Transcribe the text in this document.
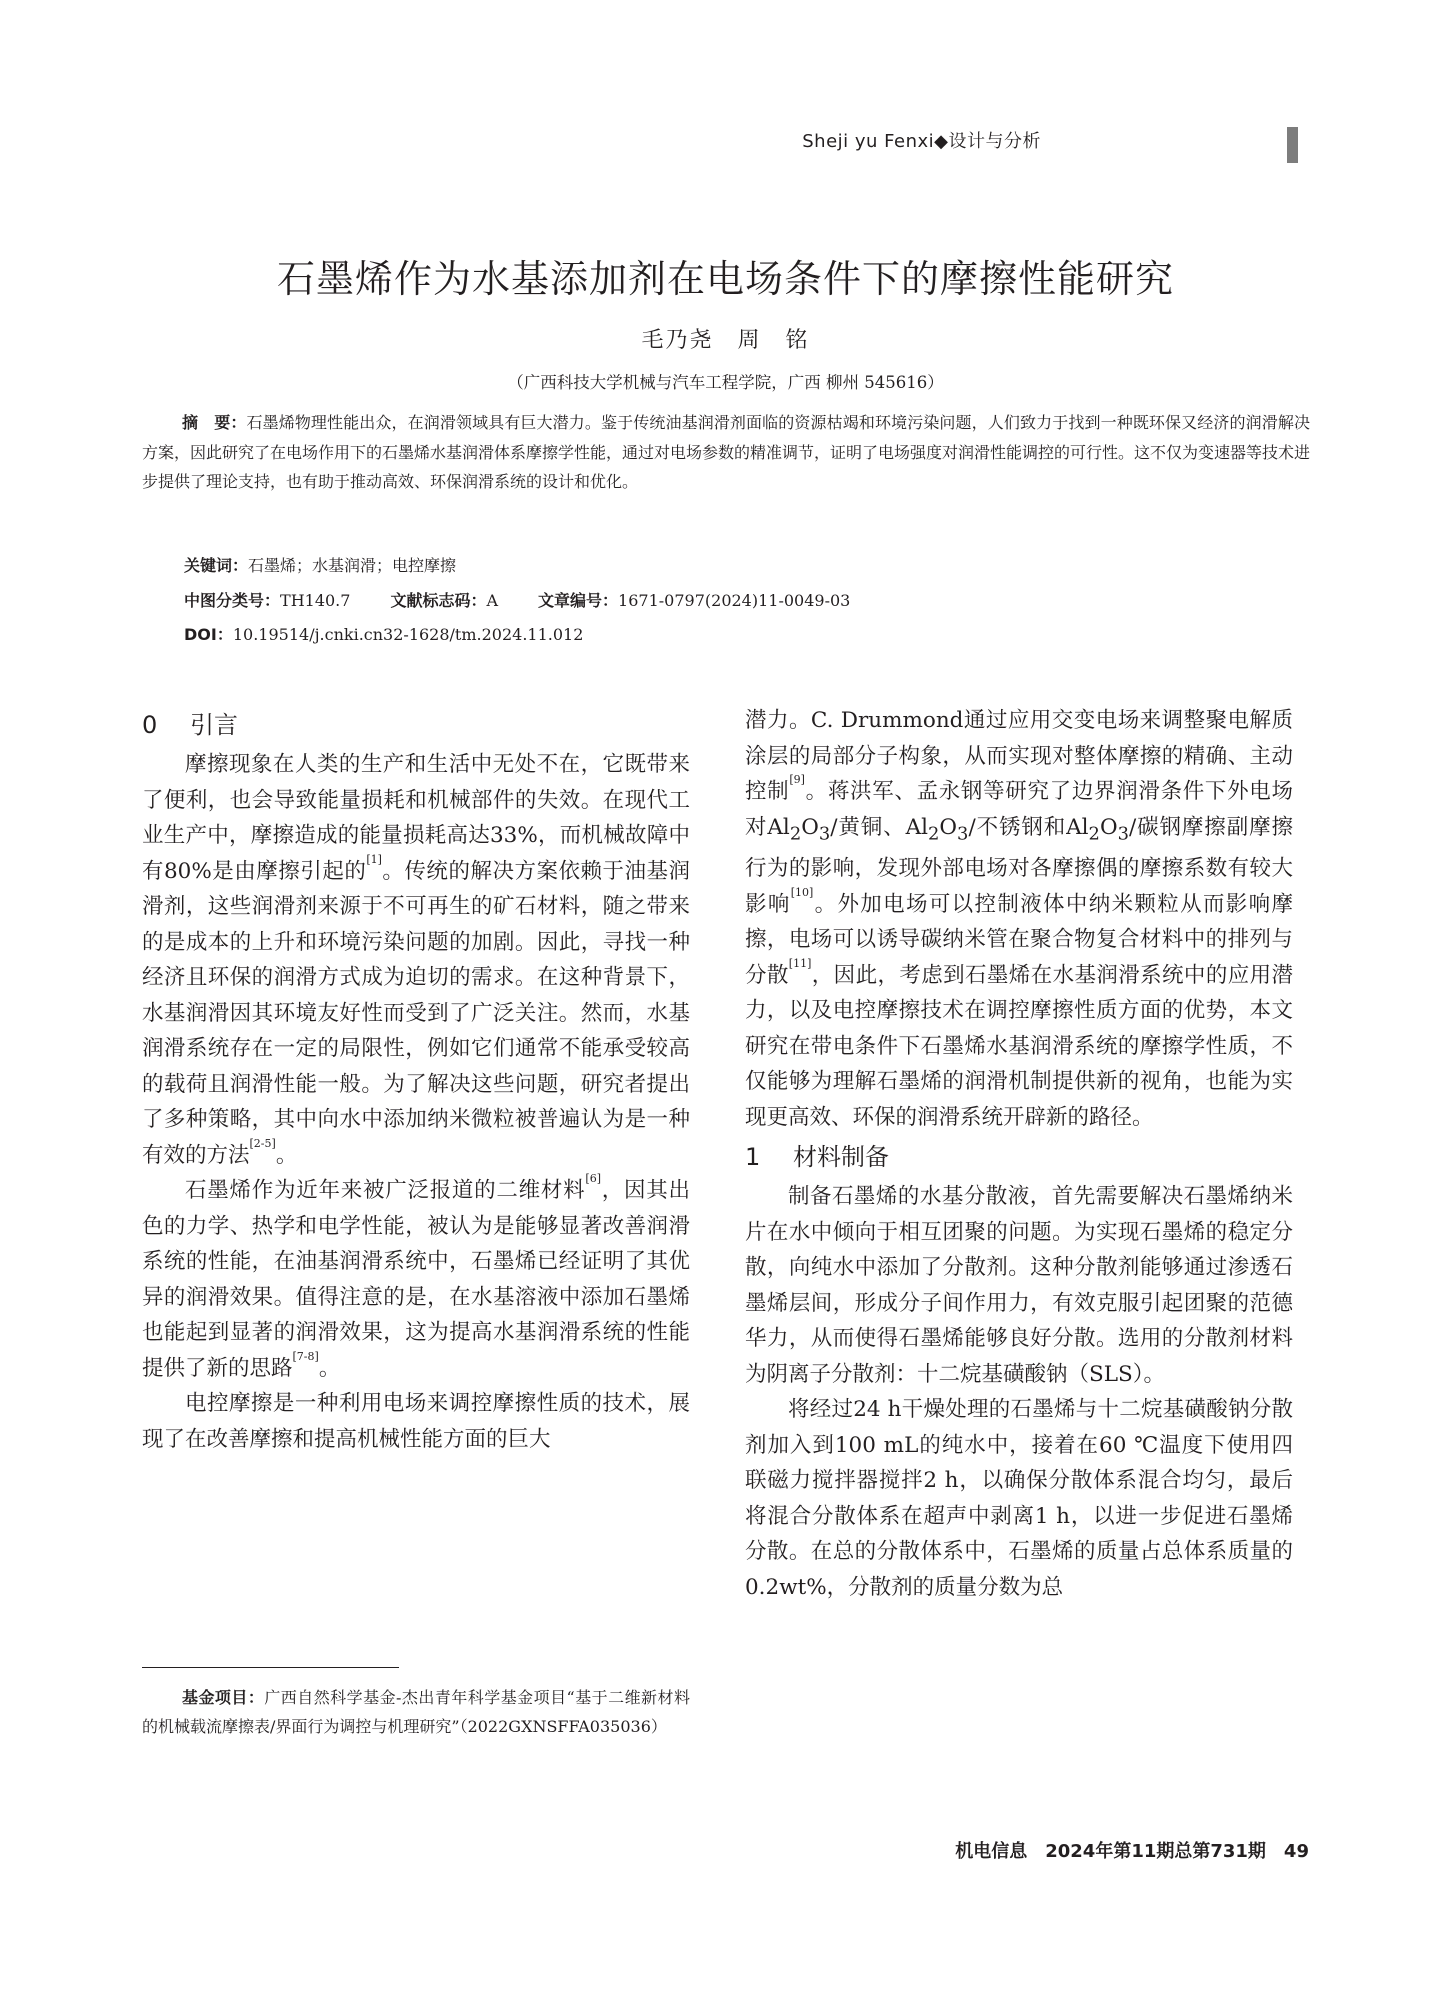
Sheji yu Fenxi◆设计与分析
石墨烯作为水基添加剂在电场条件下的摩擦性能研究
毛乃尧　周　铭
（广西科技大学机械与汽车工程学院，广西 柳州 545616）
摘　要：石墨烯物理性能出众，在润滑领域具有巨大潜力。鉴于传统油基润滑剂面临的资源枯竭和环境污染问题，人们致力于找到一种既环保又经济的润滑解决方案，因此研究了在电场作用下的石墨烯水基润滑体系摩擦学性能，通过对电场参数的精准调节，证明了电场强度对润滑性能调控的可行性。这不仅为变速器等技术进步提供了理论支持，也有助于推动高效、环保润滑系统的设计和优化。
关键词：石墨烯；水基润滑；电控摩擦
中图分类号：TH140.7	文献标志码：A	文章编号：1671-0797(2024)11-0049-03
DOI：10.19514/j.cnki.cn32-1628/tm.2024.11.012
0 引言

摩擦现象在人类的生产和生活中无处不在，它既带来了便利，也会导致能量损耗和机械部件的失效。在现代工业生产中，摩擦造成的能量损耗高达33%，而机械故障中有80%是由摩擦引起的[1]。传统的解决方案依赖于油基润滑剂，这些润滑剂来源于不可再生的矿石材料，随之带来的是成本的上升和环境污染问题的加剧。因此，寻找一种经济且环保的润滑方式成为迫切的需求。在这种背景下，水基润滑因其环境友好性而受到了广泛关注。然而，水基润滑系统存在一定的局限性，例如它们通常不能承受较高的载荷且润滑性能一般。为了解决这些问题，研究者提出了多种策略，其中向水中添加纳米微粒被普遍认为是一种有效的方法[2-5]。

石墨烯作为近年来被广泛报道的二维材料[6]，因其出色的力学、热学和电学性能，被认为是能够显著改善润滑系统的性能，在油基润滑系统中，石墨烯已经证明了其优异的润滑效果。值得注意的是，在水基溶液中添加石墨烯也能起到显著的润滑效果，这为提高水基润滑系统的性能提供了新的思路[7-8]。

电控摩擦是一种利用电场来调控摩擦性质的技术，展现了在改善摩擦和提高机械性能方面的巨大

潜力。C. Drummond通过应用交变电场来调整聚电解质涂层的局部分子构象，从而实现对整体摩擦的精确、主动控制[9]。蒋洪军、孟永钢等研究了边界润滑条件下外电场对$Al_2O_3/$黄铜、$Al_2O_3/$不锈钢和$Al_2O_3/$碳钢摩擦副摩擦行为的影响，发现外部电场对各摩擦偶的摩擦系数有较大影响[10]。外加电场可以控制液体中纳米颗粒从而影响摩擦，电场可以诱导碳纳米管在聚合物复合材料中的排列与分散[11]，因此，考虑到石墨烯在水基润滑系统中的应用潜力，以及电控摩擦技术在调控摩擦性质方面的优势，本文研究在带电条件下石墨烯水基润滑系统的摩擦学性质，不仅能够为理解石墨烯的润滑机制提供新的视角，也能为实现更高效、环保的润滑系统开辟新的路径。

1 材料制备

制备石墨烯的水基分散液，首先需要解决石墨烯纳米片在水中倾向于相互团聚的问题。为实现石墨烯的稳定分散，向纯水中添加了分散剂。这种分散剂能够通过渗透石墨烯层间，形成分子间作用力，有效克服引起团聚的范德华力，从而使得石墨烯能够良好分散。选用的分散剂材料为阴离子分散剂：十二烷基磺酸钠（SLS）。

将经过24 h干燥处理的石墨烯与十二烷基磺酸钠分散剂加入到100 mL的纯水中，接着在60 ℃温度下使用四联磁力搅拌器搅拌2 h，以确保分散体系混合均匀，最后将混合分散体系在超声中剥离1 h，以进一步促进石墨烯分散。在总的分散体系中，石墨烯的质量占总体系质量的0.2wt%，分散剂的质量分数为总

基金项目：广西自然科学基金-杰出青年科学基金项目“基于二维新材料的机械载流摩擦表/界面行为调控与机理研究”（2022GXNSFFA035036）
机电信息　2024年第11期总第731期　49
